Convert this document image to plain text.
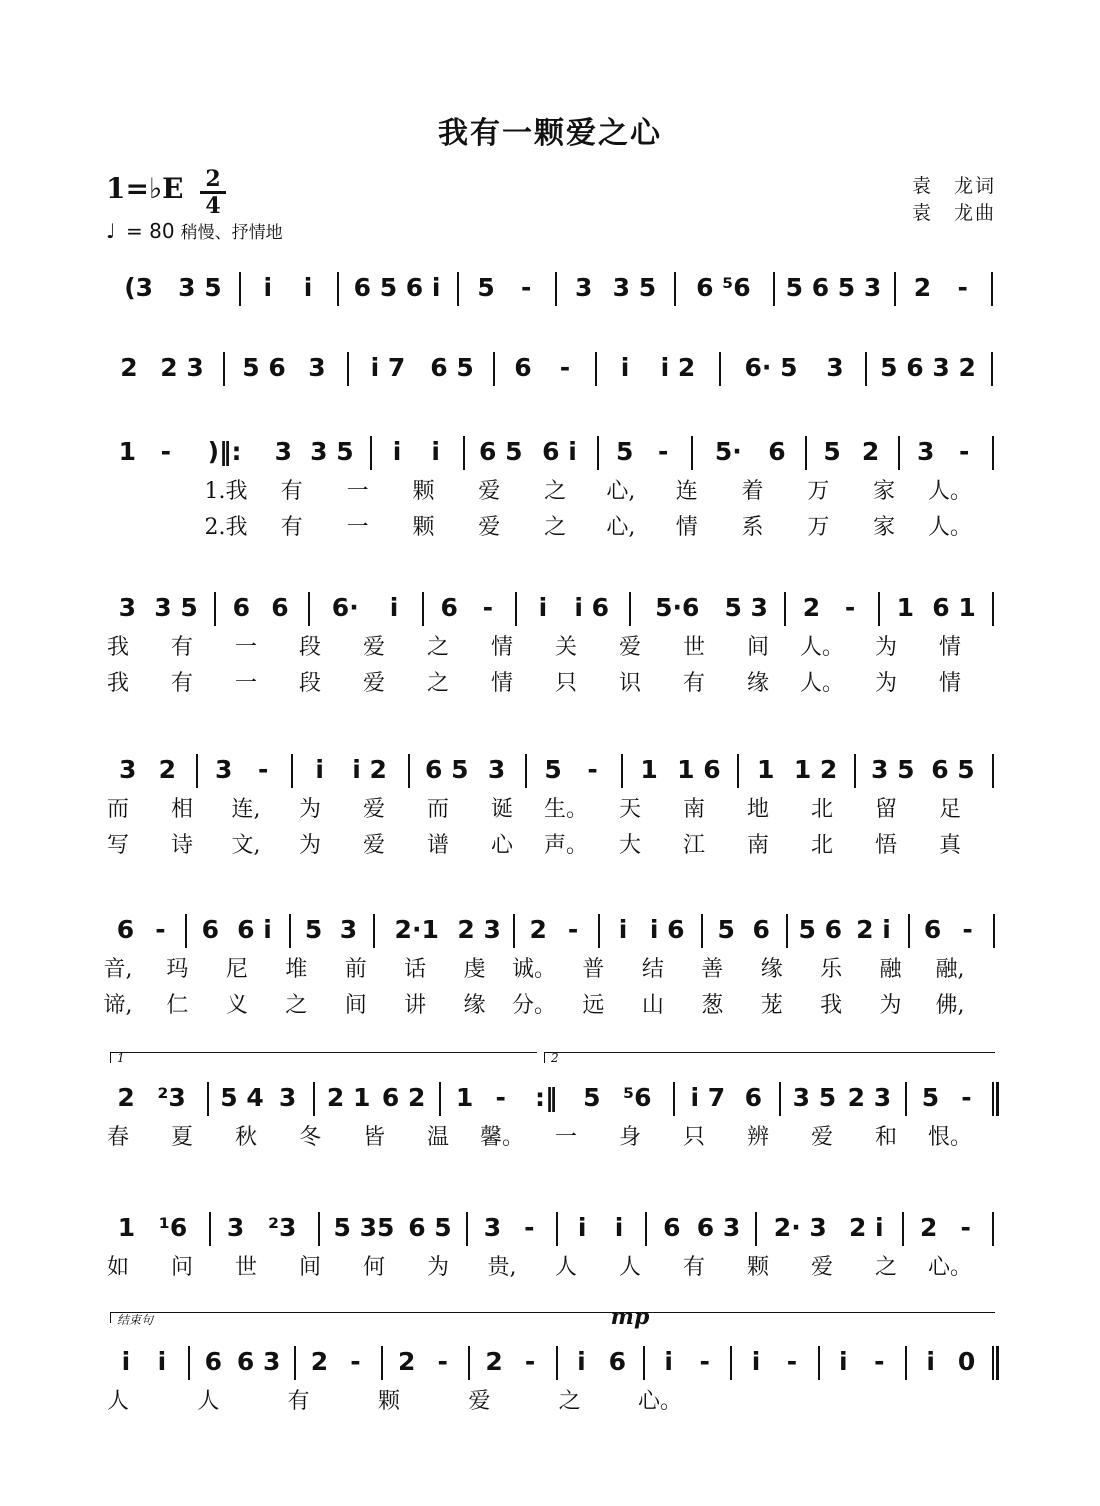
我有一颗爱之心
1=♭E 2
4
♩ = 80 稍慢、抒情地
袁　龙词
袁　龙曲
(3 3 5 i i 6 5 6 i 5 - 3 3 5 6 ⁵6 5 6 5 3 2 -
2 2 3 5 6 3 i 7 6 5 6 - i i 2 6· 5 3 5 6 3 2
1 - )‖: 3 3 5 i i 6 5 6 i 5 - 5· 6 5 2 3 -
1.我 有 一 颗 爱 之 心, 连 着 万 家 人。
2.我 有 一 颗 爱 之 心, 情 系 万 家 人。
3 3 5 6 6 6· i 6 - i i 6 5·6 5 3 2 - 1 6 1
我 有 一 段 爱 之 情 关 爱 世 间 人。 为 情
我 有 一 段 爱 之 情 只 识 有 缘 人。 为 情
3 2 3 - i i 2 6 5 3 5 - 1 1 6 1 1 2 3 5 6 5
而 相 连, 为 爱 而 诞 生。 天 南 地 北 留 足
写 诗 文, 为 爱 谱 心 声。 大 江 南 北 悟 真
6 - 6 6 i 5 3 2·1 2 3 2 - i i 6 5 6 5 6 2 i 6 -
音, 玛 尼 堆 前 话 虔 诚。 普 结 善 缘 乐 融 融,
谛, 仁 义 之 间 讲 缘 分。 远 山 葱 茏 我 为 佛,
2 ²3 5 4 3 2 1 6 2 1 - :‖ 5 ⁵6 i 7 6 3 5 2 3 5 -
春 夏 秋 冬 皆 温 馨。 一 身 只 辨 爱 和 恨。
1 ¹6 3 ²3 5 35 6 5 3 - i i 6 6 3 2· 3 2 i 2 -
如 问 世 间 何 为 贵, 人 人 有 颗 爱 之 心。
i i 6 6 3 2 - 2 - 2 - i 6 i - i - i - i 0
人	人	有	颗	爱	之	心。
1	2
结束句	mp
